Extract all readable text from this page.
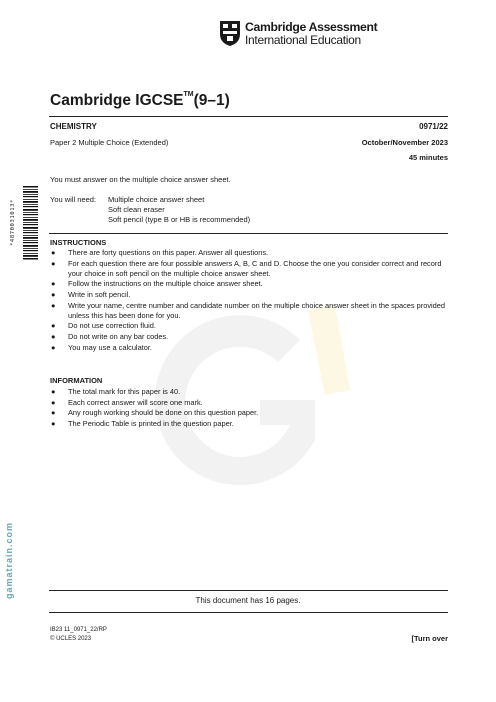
Cambridge Assessment
International Education
Cambridge IGCSE™(9–1)
CHEMISTRY	0971/22
Paper 2 Multiple Choice (Extended)	October/November 2023
45 minutes
You must answer on the multiple choice answer sheet.
You will need: Multiple choice answer sheet
Soft clean eraser
Soft pencil (type B or HB is recommended)
*4870031013*	INSTRUCTIONS
●	There are forty questions on this paper. Answer all questions.
●	For each question there are four possible answers A, B, C and D. Choose the one you consider correct and record your choice in soft pencil on the multiple choice answer sheet.
●	Follow the instructions on the multiple choice answer sheet.
●	Write in soft pencil.
●	Write your name, centre number and candidate number on the multiple choice answer sheet in the spaces provided unless this has been done for you.
●	Do not use correction fluid.
●	Do not write on any bar codes.
●	You may use a calculator.
INFORMATION
●	The total mark for this paper is 40.
●	Each correct answer will score one mark.
●	Any rough working should be done on this question paper.
●	The Periodic Table is printed in the question paper.
This document has 16 pages.
IB23 11_0971_22/RP
© UCLES 2023	[Turn over
gamatrain.com
